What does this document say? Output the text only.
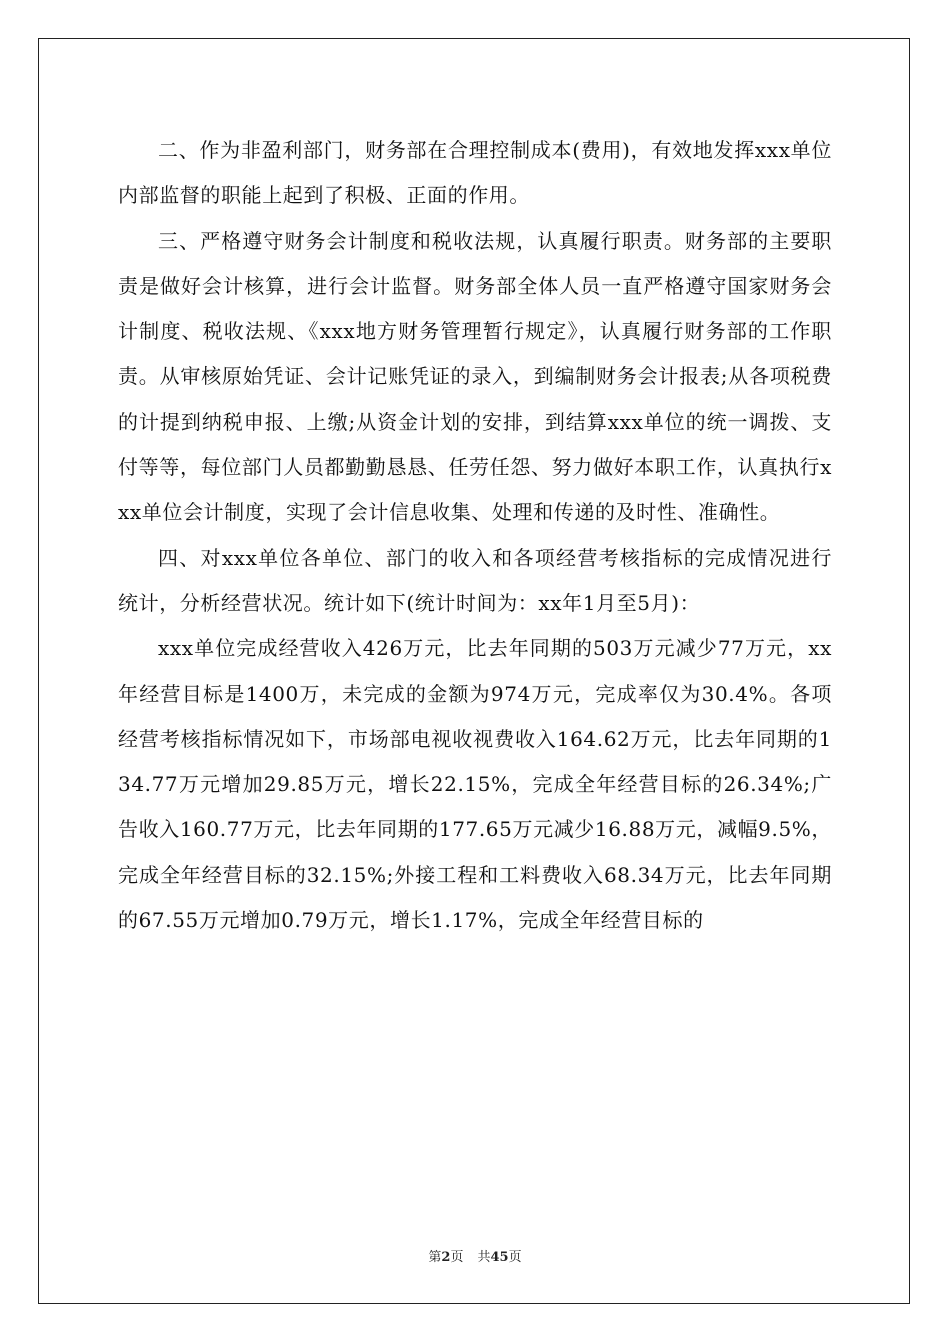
二、作为非盈利部门，财务部在合理控制成本(费用)，有效地发挥xxx单位内部监督的职能上起到了积极、正面的作用。

三、严格遵守财务会计制度和税收法规，认真履行职责。财务部的主要职责是做好会计核算，进行会计监督。财务部全体人员一直严格遵守国家财务会计制度、税收法规、《xxx地方财务管理暂行规定》，认真履行财务部的工作职责。从审核原始凭证、会计记账凭证的录入，到编制财务会计报表;从各项税费的计提到纳税申报、上缴;从资金计划的安排，到结算xxx单位的统一调拨、支付等等，每位部门人员都勤勤恳恳、任劳任怨、努力做好本职工作，认真执行xxx单位会计制度，实现了会计信息收集、处理和传递的及时性、准确性。

四、对xxx单位各单位、部门的收入和各项经营考核指标的完成情况进行统计，分析经营状况。统计如下(统计时间为：xx年1月至5月)：

xxx单位完成经营收入426万元，比去年同期的503万元减少77万元，xx年经营目标是1400万，未完成的金额为974万元，完成率仅为30.4%。各项经营考核指标情况如下，市场部电视收视费收入164.62万元，比去年同期的134.77万元增加29.85万元，增长22.15%，完成全年经营目标的26.34%;广告收入160.77万元，比去年同期的177.65万元减少16.88万元，减幅9.5%，完成全年经营目标的32.15%;外接工程和工料费收入68.34万元，比去年同期的67.55万元增加0.79万元，增长1.17%，完成全年经营目标的

第2页 共45页
